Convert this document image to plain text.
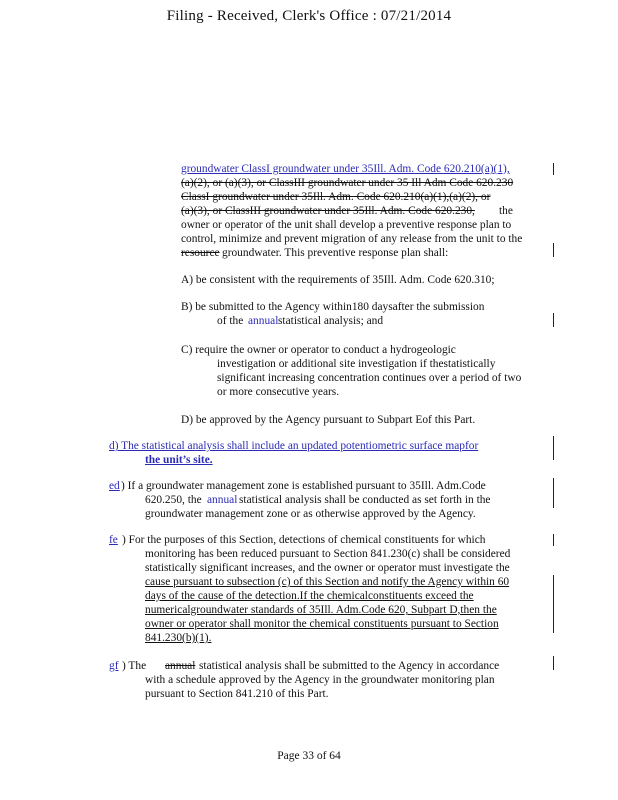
Filing - Received, Clerk's Office : 07/21/2014
groundwater ClassI groundwater under 35Ill. Adm. Code 620.210(a)(1),
(a)(2), or (a)(3), or ClassIII groundwater under 35 Ill Adm Code 620.230
ClassI groundwater under 35Ill. Adm. Code 620.210(a)(1),(a)(2), or
(a)(3), or ClassIII groundwater under 35Ill. Adm. Code 620.230, the
owner or operator of the unit shall develop a preventive response plan to
control, minimize and prevent migration of any release from the unit to the
resource groundwater. This preventive response plan shall:
A) be consistent with the requirements of 35Ill. Adm. Code 620.310;
B) be submitted to the Agency within180 daysafter the submission
of the annual statistical analysis; and
C) require the owner or operator to conduct a hydrogeologic
investigation or additional site investigation if thestatistically
significant increasing concentration continues over a period of two
or more consecutive years.
D) be approved by the Agency pursuant to Subpart Eof this Part.
d) The statistical analysis shall include an updated potentiometric surface mapfor
the unit’s site.
ed ) If a groundwater management zone is established pursuant to 35Ill. Adm.Code
620.250, the annual statistical analysis shall be conducted as set forth in the
groundwater management zone or as otherwise approved by the Agency.
fe ) For the purposes of this Section, detections of chemical constituents for which
monitoring has been reduced pursuant to Section 841.230(c) shall be considered
statistically significant increases, and the owner or operator must investigate the
cause pursuant to subsection (c) of this Section and notify the Agency within 60
days of the cause of the detection.If the chemicalconstituents exceed the
numericalgroundwater standards of 35Ill. Adm.Code 620, Subpart D,then the
owner or operator shall monitor the chemical constituents pursuant to Section
841.230(b)(1).
gf ) The annual statistical analysis shall be submitted to the Agency in accordance
with a schedule approved by the Agency in the groundwater monitoring plan
pursuant to Section 841.210 of this Part.
Page 33 of 64
